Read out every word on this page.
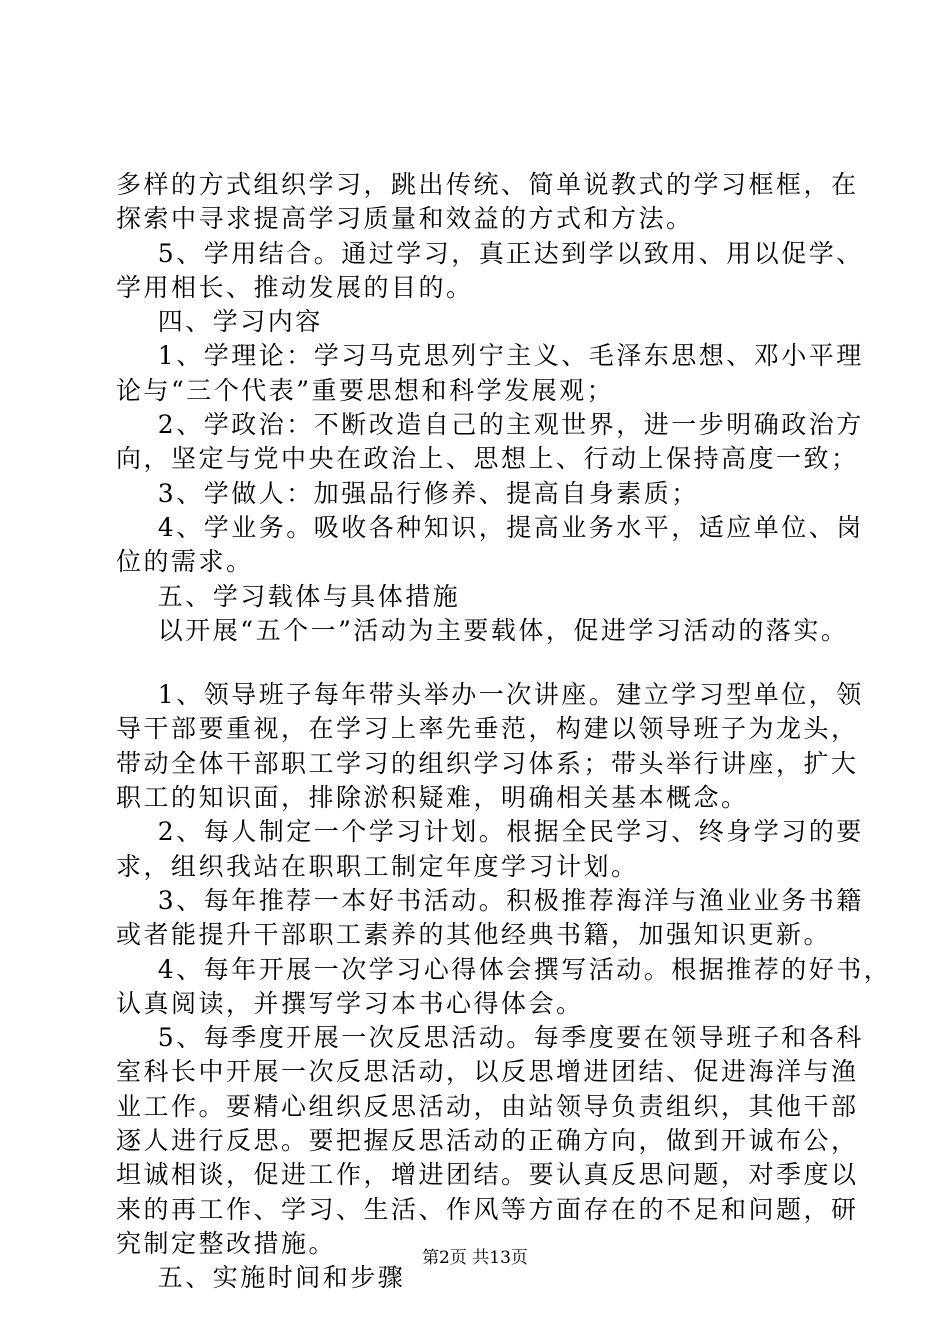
多样的方式组织学习，跳出传统、简单说教式的学习框框，在
探索中寻求提高学习质量和效益的方式和方法。
5、学用结合。通过学习，真正达到学以致用、用以促学、
学用相长、推动发展的目的。
四、学习内容
1、学理论：学习马克思列宁主义、毛泽东思想、邓小平理
论与“三个代表”重要思想和科学发展观；
2、学政治：不断改造自己的主观世界，进一步明确政治方
向，坚定与党中央在政治上、思想上、行动上保持高度一致；
3、学做人：加强品行修养、提高自身素质；
4、学业务。吸收各种知识，提高业务水平，适应单位、岗
位的需求。
五、学习载体与具体措施
以开展“五个一”活动为主要载体，促进学习活动的落实。
1、领导班子每年带头举办一次讲座。建立学习型单位，领
导干部要重视，在学习上率先垂范，构建以领导班子为龙头，
带动全体干部职工学习的组织学习体系；带头举行讲座，扩大
职工的知识面，排除淤积疑难，明确相关基本概念。
2、每人制定一个学习计划。根据全民学习、终身学习的要
求，组织我站在职职工制定年度学习计划。
3、每年推荐一本好书活动。积极推荐海洋与渔业业务书籍
或者能提升干部职工素养的其他经典书籍，加强知识更新。
4、每年开展一次学习心得体会撰写活动。根据推荐的好书，
认真阅读，并撰写学习本书心得体会。
5、每季度开展一次反思活动。每季度要在领导班子和各科
室科长中开展一次反思活动，以反思增进团结、促进海洋与渔
业工作。要精心组织反思活动，由站领导负责组织，其他干部
逐人进行反思。要把握反思活动的正确方向，做到开诚布公，
坦诚相谈，促进工作，增进团结。要认真反思问题，对季度以
来的再工作、学习、生活、作风等方面存在的不足和问题，研
究制定整改措施。
五、实施时间和步骤
第2页 共13页
